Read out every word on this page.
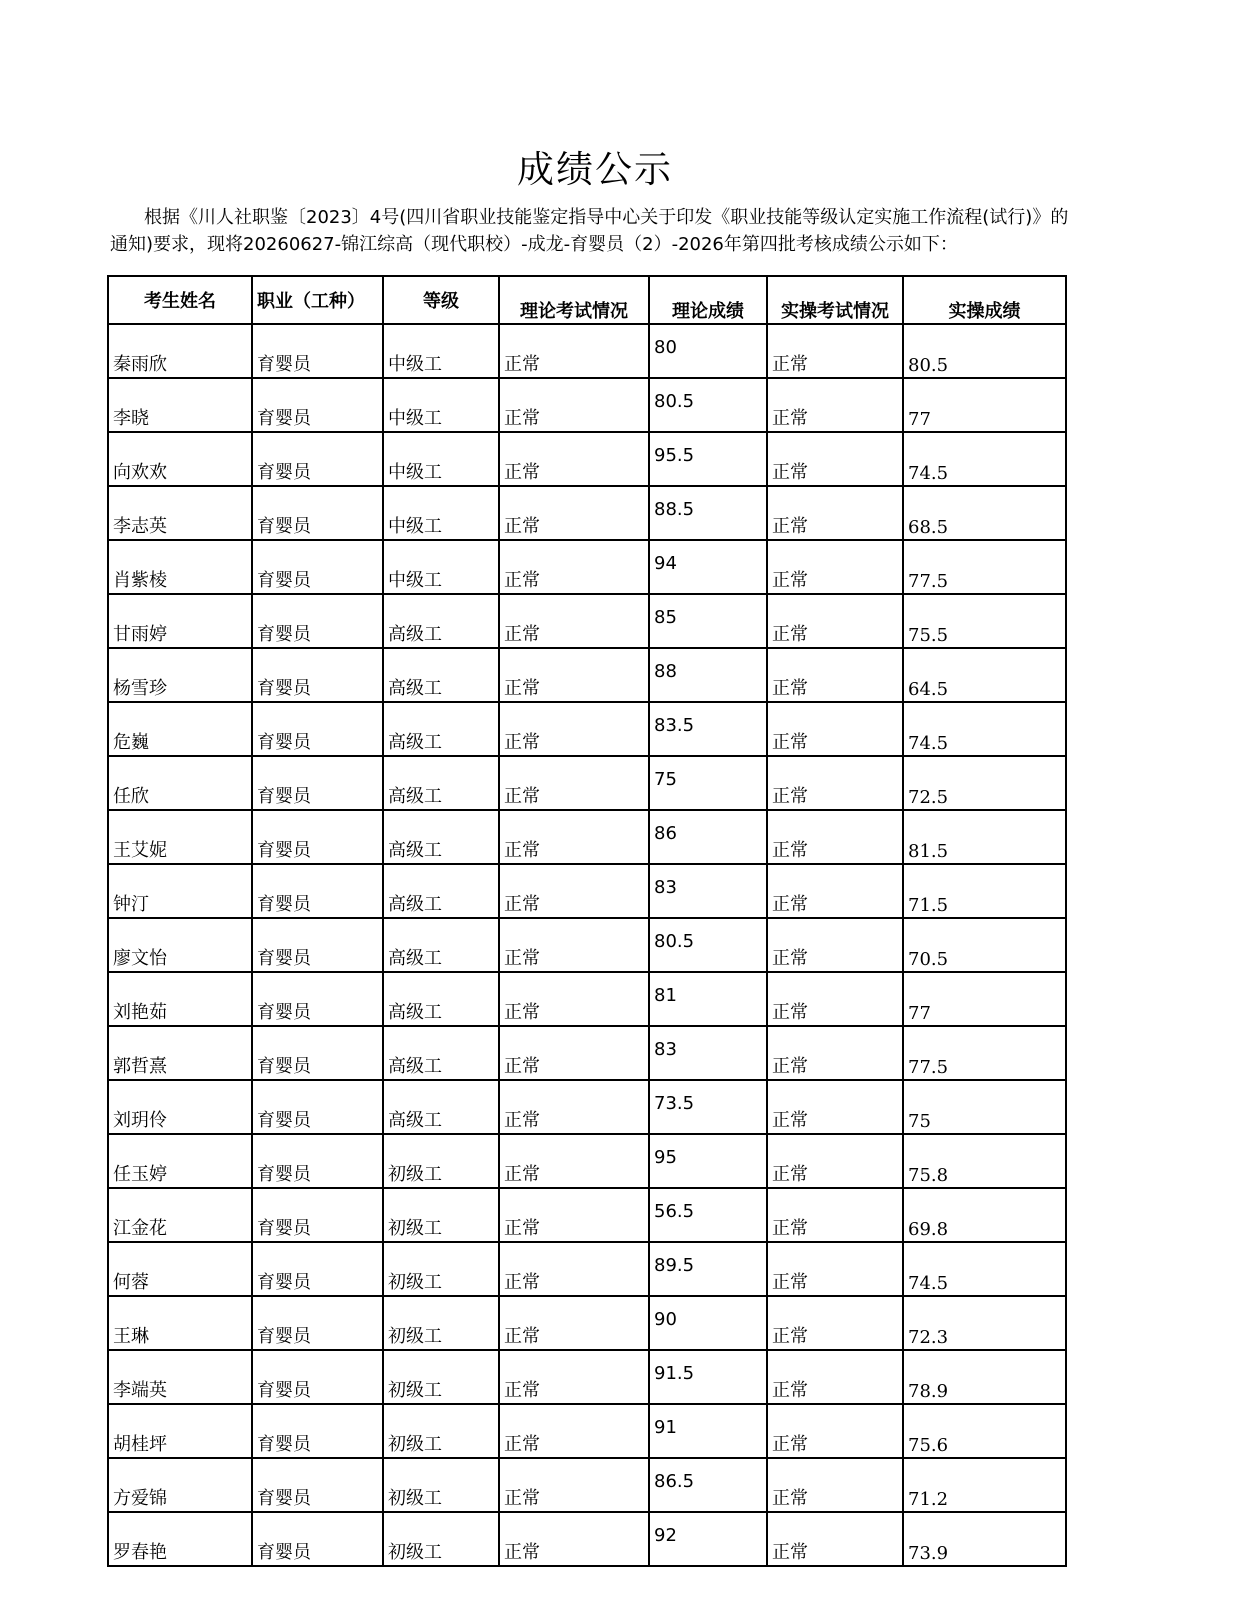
成绩公示
根据《川人社职鉴〔2023〕4号(四川省职业技能鉴定指导中心关于印发《职业技能等级认定实施工作流程(试行)》的通知)要求，现将20260627-锦江综高（现代职校）-成龙-育婴员（2）-2026年第四批考核成绩公示如下：
考生姓名	职业（工种）	等级	理论考试情况	理论成绩	实操考试情况	实操成绩
秦雨欣	育婴员	中级工	正常	80	正常	80.5
李晓	育婴员	中级工	正常	80.5	正常	77
向欢欢	育婴员	中级工	正常	95.5	正常	74.5
李志英	育婴员	中级工	正常	88.5	正常	68.5
肖紫棱	育婴员	中级工	正常	94	正常	77.5
甘雨婷	育婴员	高级工	正常	85	正常	75.5
杨雪珍	育婴员	高级工	正常	88	正常	64.5
危巍	育婴员	高级工	正常	83.5	正常	74.5
任欣	育婴员	高级工	正常	75	正常	72.5
王艾妮	育婴员	高级工	正常	86	正常	81.5
钟汀	育婴员	高级工	正常	83	正常	71.5
廖文怡	育婴员	高级工	正常	80.5	正常	70.5
刘艳茹	育婴员	高级工	正常	81	正常	77
郭哲熹	育婴员	高级工	正常	83	正常	77.5
刘玥伶	育婴员	高级工	正常	73.5	正常	75
任玉婷	育婴员	初级工	正常	95	正常	75.8
江金花	育婴员	初级工	正常	56.5	正常	69.8
何蓉	育婴员	初级工	正常	89.5	正常	74.5
王琳	育婴员	初级工	正常	90	正常	72.3
李端英	育婴员	初级工	正常	91.5	正常	78.9
胡桂坪	育婴员	初级工	正常	91	正常	75.6
方爱锦	育婴员	初级工	正常	86.5	正常	71.2
罗春艳	育婴员	初级工	正常	92	正常	73.9
